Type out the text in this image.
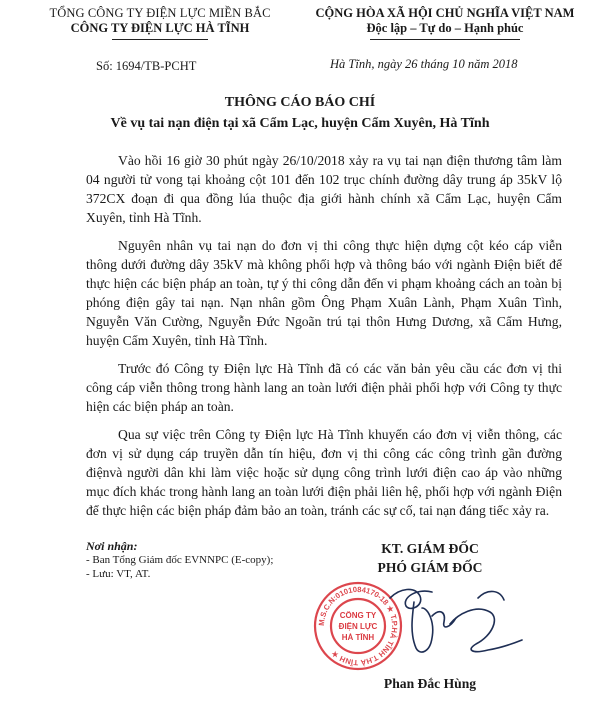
TỔNG CÔNG TY ĐIỆN LỰC MIỀN BẮC
CÔNG TY ĐIỆN LỰC HÀ TĨNH
CỘNG HÒA XÃ HỘI CHỦ NGHĨA VIỆT NAM
Độc lập – Tự do – Hạnh phúc
Số: 1694/TB-PCHT	Hà Tĩnh, ngày 26 tháng 10 năm 2018
THÔNG CÁO BÁO CHÍ
Về vụ tai nạn điện tại xã Cẩm Lạc, huyện Cẩm Xuyên, Hà Tĩnh

Vào hồi 16 giờ 30 phút ngày 26/10/2018 xảy ra vụ tai nạn điện thương tâm làm 04 người tử vong tại khoảng cột 101 đến 102 trục chính đường dây trung áp 35kV lộ 372CX đoạn đi qua đồng lúa thuộc địa giới hành chính xã Cẩm Lạc, huyện Cẩm Xuyên, tỉnh Hà Tĩnh.

Nguyên nhân vụ tai nạn do đơn vị thi công thực hiện dựng cột kéo cáp viễn thông dưới đường dây 35kV mà không phối hợp và thông báo với ngành Điện biết để thực hiện các biện pháp an toàn, tự ý thi công dẫn đến vi phạm khoảng cách an toàn bị phóng điện gây tai nạn. Nạn nhân gồm Ông Phạm Xuân Lành, Phạm Xuân Tình, Nguyễn Văn Cường, Nguyễn Đức Ngoãn trú tại thôn Hưng Dương, xã Cẩm Hưng, huyện Cẩm Xuyên, tỉnh Hà Tĩnh.

Trước đó Công ty Điện lực Hà Tĩnh đã có các văn bản yêu cầu các đơn vị thi công cáp viễn thông trong hành lang an toàn lưới điện phải phối hợp với Công ty thực hiện các biện pháp an toàn.

Qua sự việc trên Công ty Điện lực Hà Tĩnh khuyến cáo đơn vị viễn thông, các đơn vị sử dụng cáp truyền dẫn tín hiệu, đơn vị thi công các công trình gần đường điệnvà người dân khi làm việc hoặc sử dụng công trình lưới điện cao áp vào những mục đích khác trong hành lang an toàn lưới điện phải liên hệ, phối hợp với ngành Điện để thực hiện các biện pháp đảm bảo an toàn, tránh các sự cố, tai nạn đáng tiếc xảy ra.

Nơi nhận:
- Ban Tổng Giám đốc EVNNPC (E-copy);
- Lưu: VT, AT.
KT. GIÁM ĐỐC
PHÓ GIÁM ĐỐC
M.S.C.N:0101084170-18 ★ T.P.HÀ TĨNH T.HÀ TĨNH ★
CÔNG TY
ĐIỆN LỰC
HÀ TĨNH
Phan Đắc Hùng
